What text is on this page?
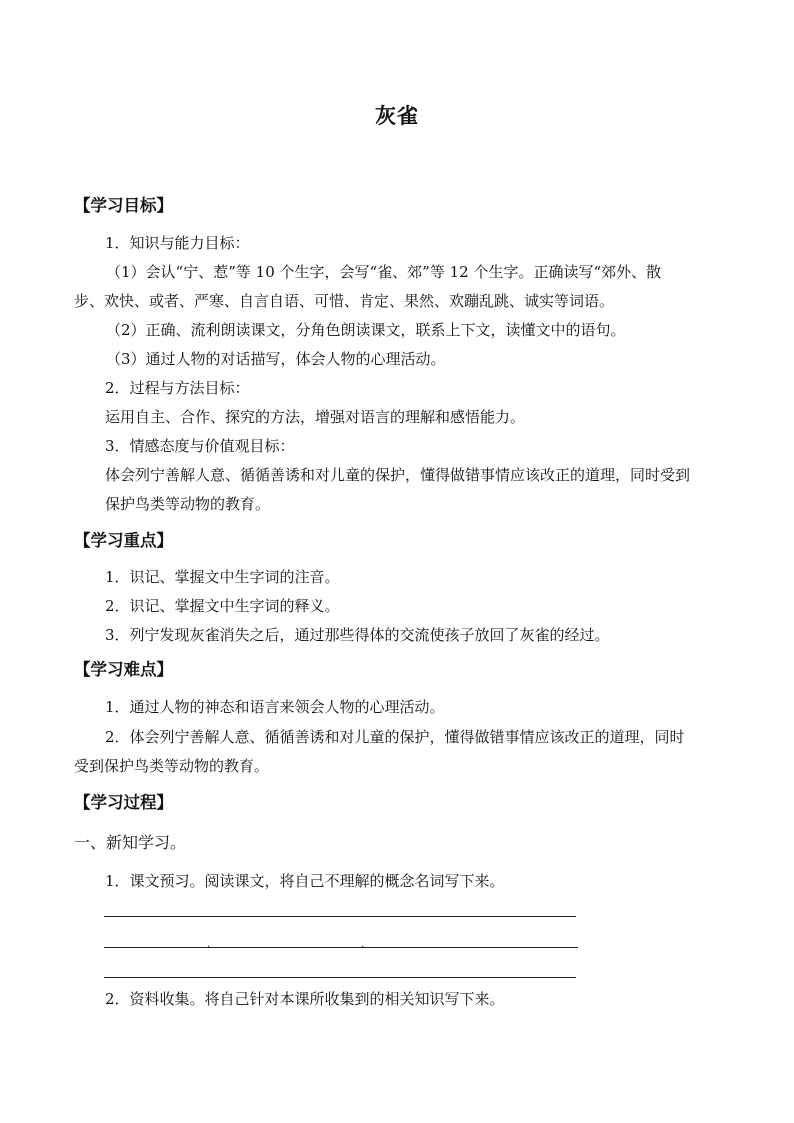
灰雀
【学习目标】
1．知识与能力目标：
（1）会认“宁、惹”等 10 个生字，会写“雀、郊”等 12 个生字。正确读写“郊外、散
步、欢快、或者、严寒、自言自语、可惜、肯定、果然、欢蹦乱跳、诚实等词语。
（2）正确、流利朗读课文，分角色朗读课文，联系上下文，读懂文中的语句。
（3）通过人物的对话描写，体会人物的心理活动。
2．过程与方法目标：
运用自主、合作、探究的方法，增强对语言的理解和感悟能力。
3．情感态度与价值观目标：
体会列宁善解人意、循循善诱和对儿童的保护，懂得做错事情应该改正的道理，同时受到
保护鸟类等动物的教育。
【学习重点】
1．识记、掌握文中生字词的注音。
2．识记、掌握文中生字词的释义。
3．列宁发现灰雀消失之后，通过那些得体的交流使孩子放回了灰雀的经过。
【学习难点】
1．通过人物的神态和语言来领会人物的心理活动。
2．体会列宁善解人意、循循善诱和对儿童的保护，懂得做错事情应该改正的道理，同时
受到保护鸟类等动物的教育。
【学习过程】
一、新知学习。
1．课文预习。阅读课文，将自己不理解的概念名词写下来。
.	.
2．资料收集。将自己针对本课所收集到的相关知识写下来。
